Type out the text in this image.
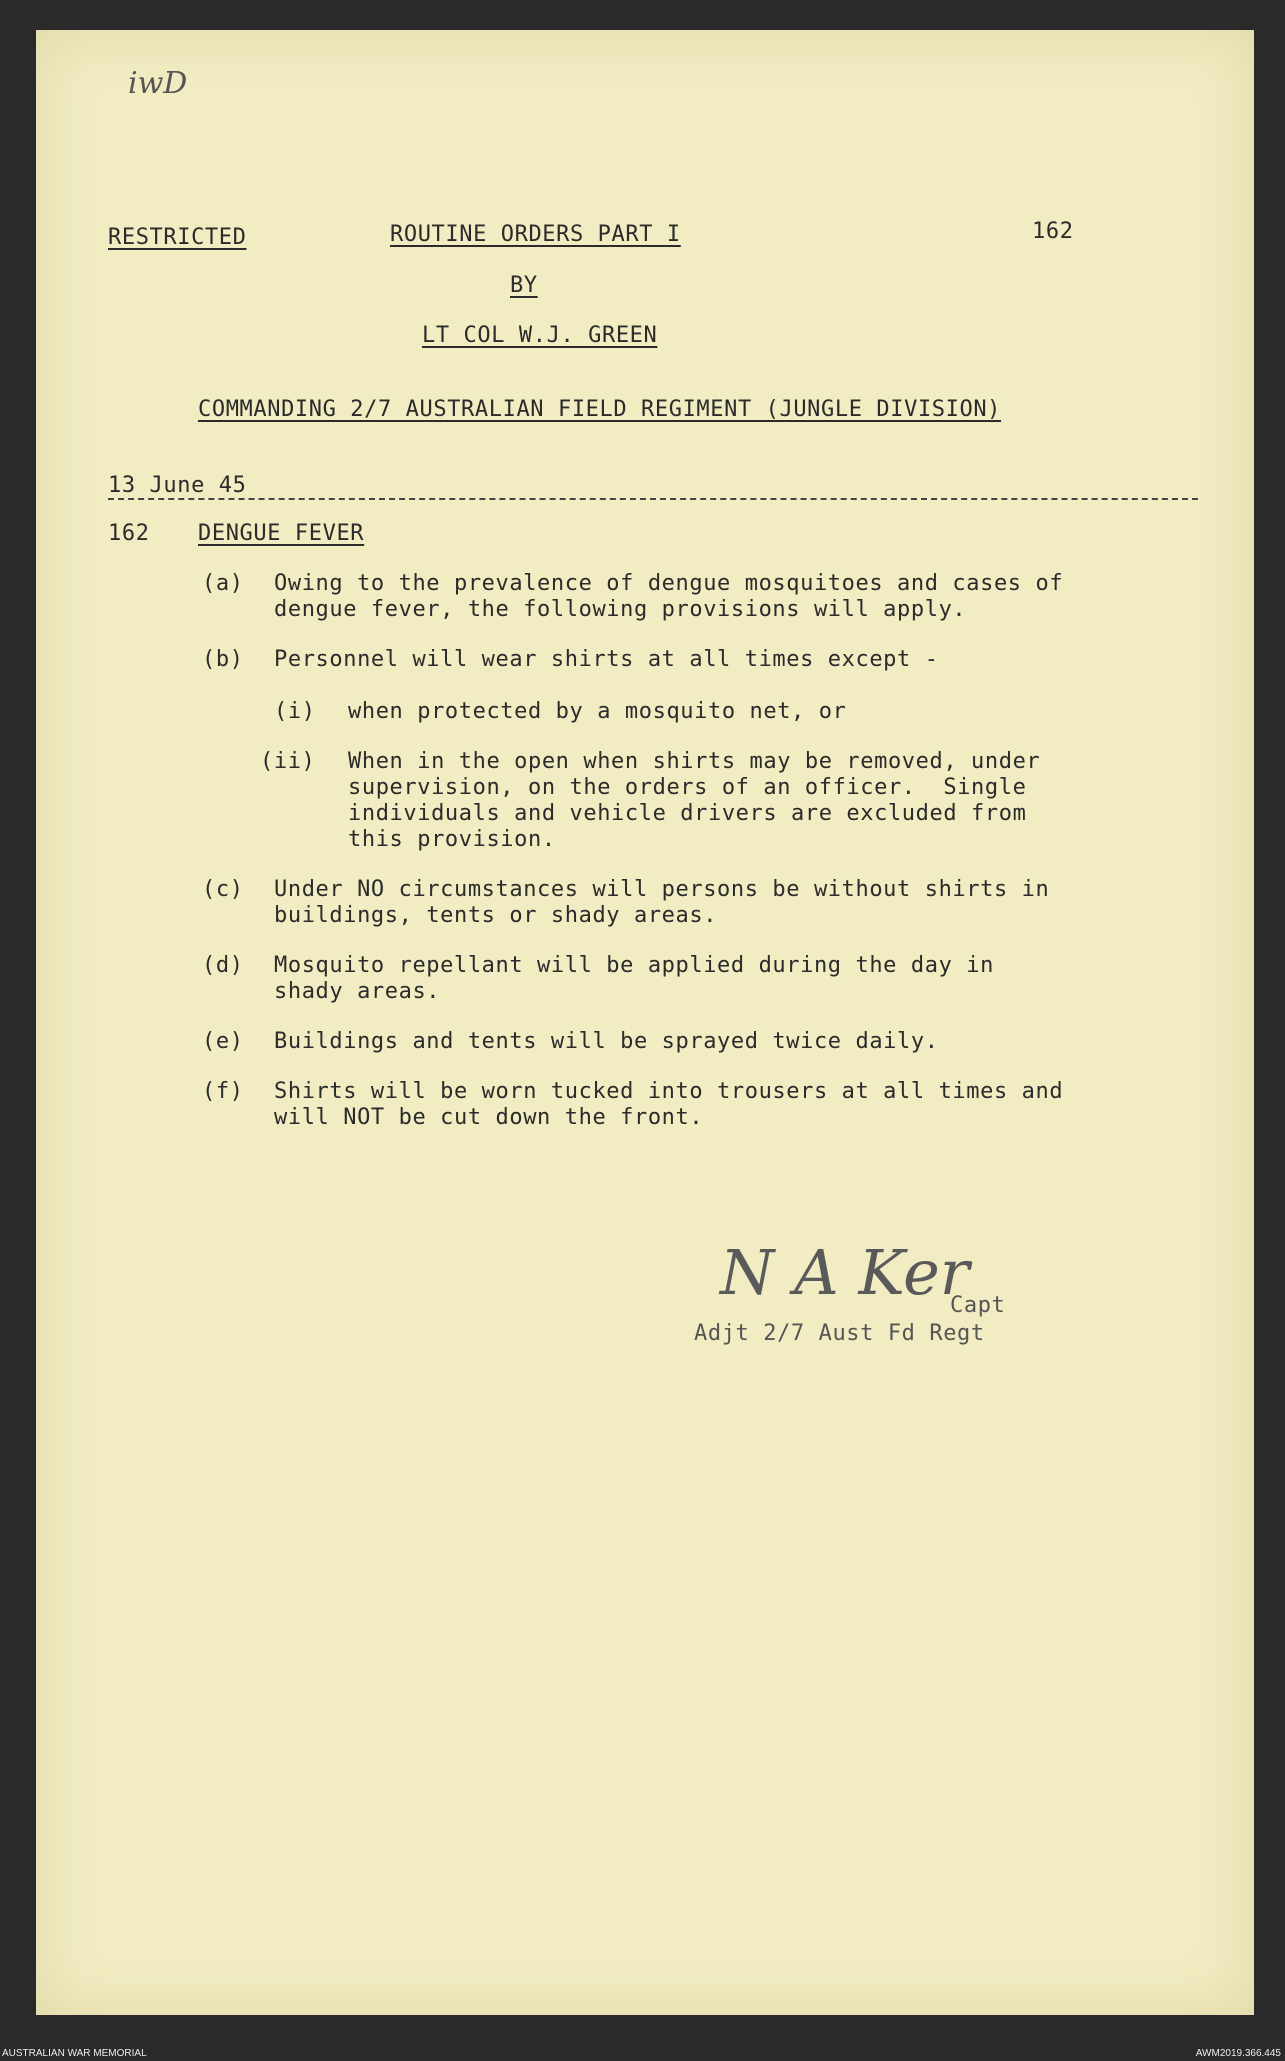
iwD
RESTRICTED	ROUTINE ORDERS PART I	162
BY
LT COL W.J. GREEN
COMMANDING 2/7 AUSTRALIAN FIELD REGIMENT (JUNGLE DIVISION)
13 June 45
162 DENGUE FEVER
(a) Owing to the prevalence of dengue mosquitoes and cases of
dengue fever, the following provisions will apply.
(b) Personnel will wear shirts at all times except -
(i) when protected by a mosquito net, or
(ii) When in the open when shirts may be removed, under
supervision, on the orders of an officer.  Single
individuals and vehicle drivers are excluded from
this provision.
(c) Under NO circumstances will persons be without shirts in
buildings, tents or shady areas.
(d) Mosquito repellant will be applied during the day in
shady areas.
(e) Buildings and tents will be sprayed twice daily.
(f) Shirts will be worn tucked into trousers at all times and
will NOT be cut down the front.
N A Ker
Capt
Adjt 2/7 Aust Fd Regt
AUSTRALIAN WAR MEMORIAL	AWM2019.366.445
